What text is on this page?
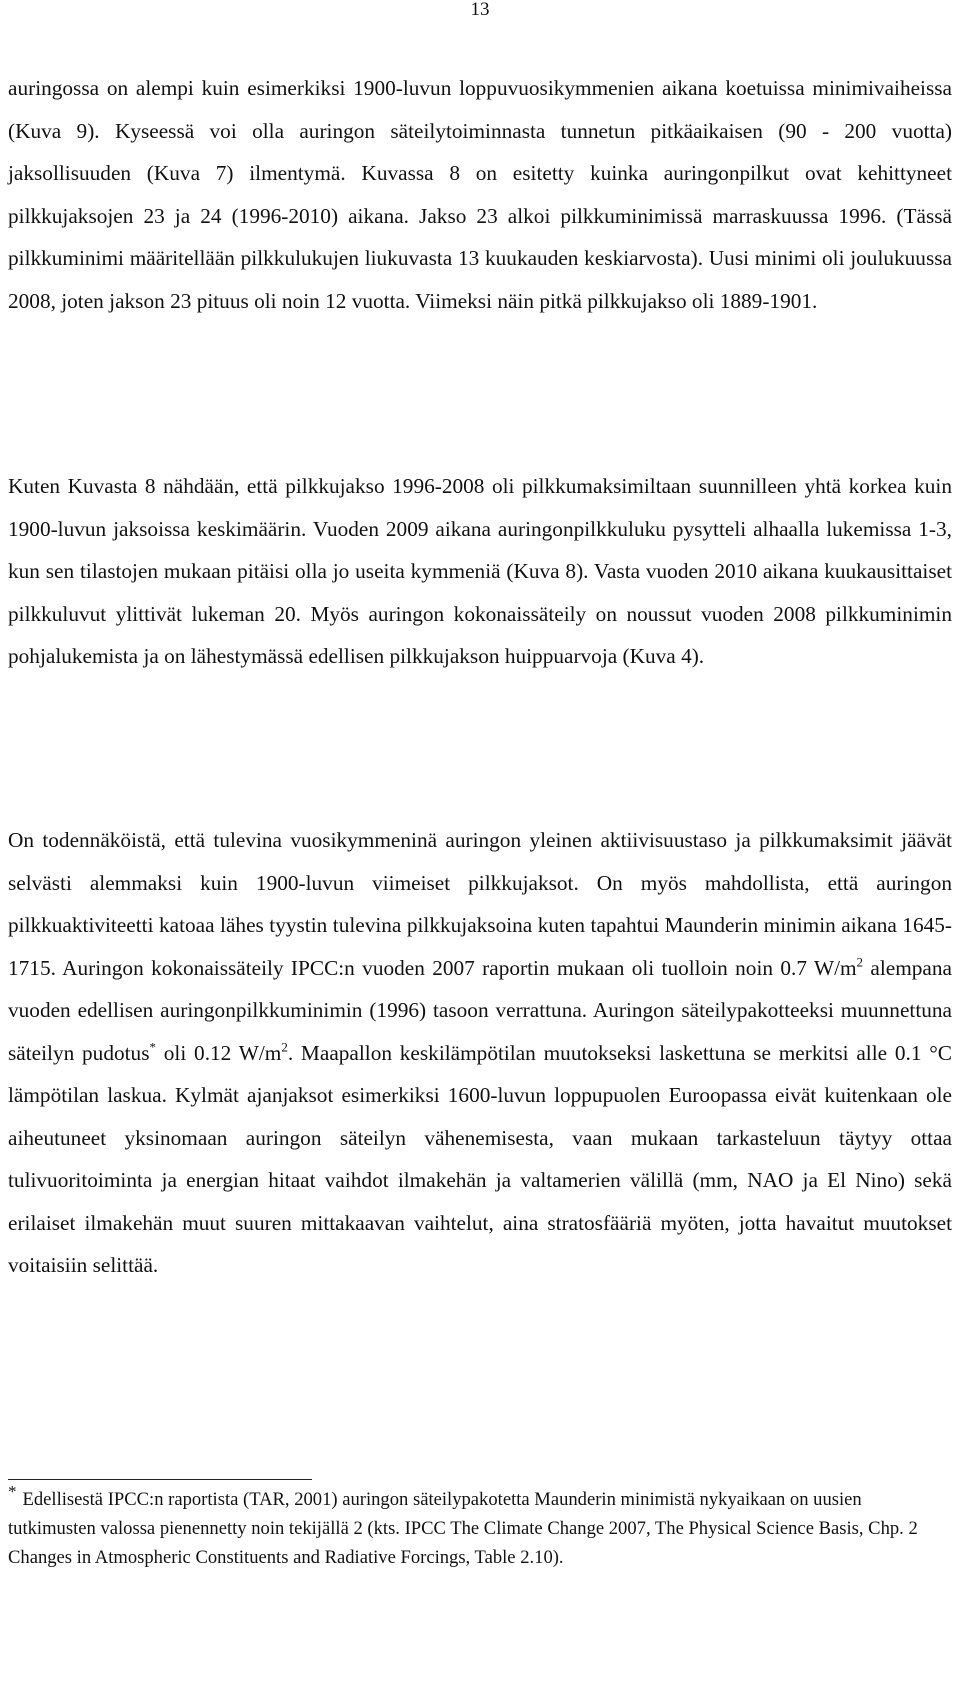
13

auringossa on alempi kuin esimerkiksi 1900-luvun loppuvuosikymmenien aikana koetuissa minimivaiheissa (Kuva 9). Kyseessä voi olla auringon säteilytoiminnasta tunnetun pitkäaikaisen (90 - 200 vuotta) jaksollisuuden (Kuva 7) ilmentymä. Kuvassa 8 on esitetty kuinka auringonpilkut ovat kehittyneet pilkkujaksojen 23 ja 24 (1996-2010) aikana. Jakso 23 alkoi pilkkuminimissä marraskuussa 1996. (Tässä pilkkuminimi määritellään pilkkulukujen liukuvasta 13 kuukauden keskiarvosta). Uusi minimi oli joulukuussa 2008, joten jakson 23 pituus oli noin 12 vuotta. Viimeksi näin pitkä pilkkujakso oli 1889-1901.

Kuten Kuvasta 8 nähdään, että pilkkujakso 1996-2008 oli pilkkumaksimiltaan suunnilleen yhtä korkea kuin 1900-luvun jaksoissa keskimäärin. Vuoden 2009 aikana auringonpilkkuluku pysytteli alhaalla lukemissa 1-3, kun sen tilastojen mukaan pitäisi olla jo useita kymmeniä (Kuva 8). Vasta vuoden 2010 aikana kuukausittaiset pilkkuluvut ylittivät lukeman 20. Myös auringon kokonaissäteily on noussut vuoden 2008 pilkkuminimin pohjalukemista ja on lähestymässä edellisen pilkkujakson huippuarvoja (Kuva 4).

On todennäköistä, että tulevina vuosikymmeninä auringon yleinen aktiivisuustaso ja pilkkumaksimit jäävät selvästi alemmaksi kuin 1900-luvun viimeiset pilkkujaksot. On myös mahdollista, että auringon pilkkuaktiviteetti katoaa lähes tyystin tulevina pilkkujaksoina kuten tapahtui Maunderin minimin aikana 1645-1715. Auringon kokonaissäteily IPCC:n vuoden 2007 raportin mukaan oli tuolloin noin 0.7 $W/m^2$ alempana vuoden edellisen auringonpilkkuminimin (1996) tasoon verrattuna. Auringon säteilypakotteeksi muunnettuna säteilyn pudotus* oli 0.12 $W/m^2$. Maapallon keskilämpötilan muutokseksi laskettuna se merkitsi alle 0.1 °C lämpötilan laskua. Kylmät ajanjaksot esimerkiksi 1600-luvun loppupuolen Euroopassa eivät kuitenkaan ole aiheutuneet yksinomaan auringon säteilyn vähenemisesta, vaan mukaan tarkasteluun täytyy ottaa tulivuoritoiminta ja energian hitaat vaihdot ilmakehän ja valtamerien välillä (mm, NAO ja El Nino) sekä erilaiset ilmakehän muut suuren mittakaavan vaihtelut, aina stratosfääriä myöten, jotta havaitut muutokset voitaisiin selittää.

* Edellisestä IPCC:n raportista (TAR, 2001) auringon säteilypakotetta Maunderin minimistä nykyaikaan on uusien tutkimusten valossa pienennetty noin tekijällä 2 (kts. IPCC The Climate Change 2007, The Physical Science Basis, Chp. 2 Changes in Atmospheric Constituents and Radiative Forcings, Table 2.10).
